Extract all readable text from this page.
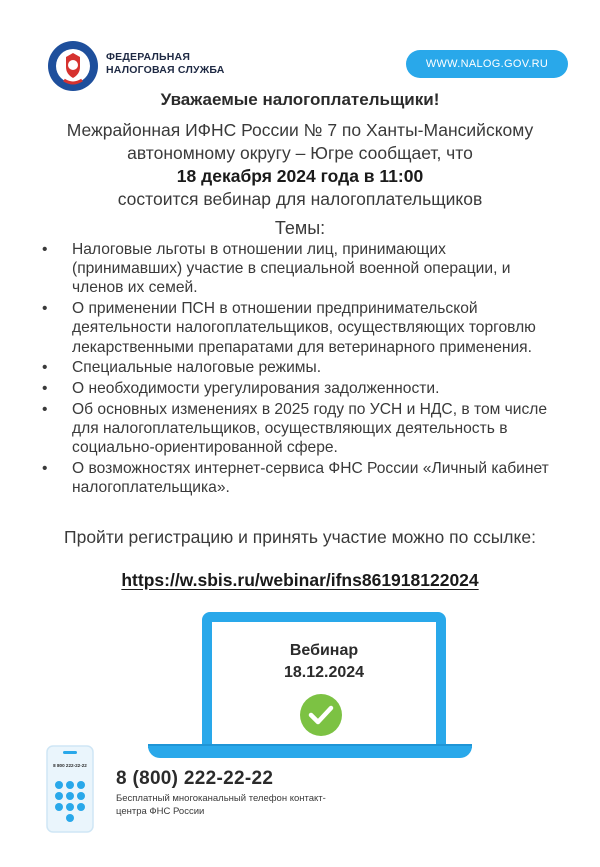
ФЕДЕРАЛЬНАЯ
НАЛОГОВАЯ СЛУЖБА	WWW.NALOG.GOV.RU
Уважаемые налогоплательщики!
Межрайонная ИФНС России № 7 по Ханты-Мансийскому
автономному округу – Югре сообщает, что
18 декабря 2024 года в 11:00
состоится вебинар для налогоплательщиков
Темы:
• Налоговые льготы в отношении лиц, принимающих (принимавших) участие в специальной военной операции, и членов их семей.
• О применении ПСН в отношении предпринимательской деятельности налогоплательщиков, осуществляющих торговлю лекарственными препаратами для ветеринарного применения.
• Специальные налоговые режимы.
• О необходимости урегулирования задолженности.
• Об основных изменениях в 2025 году по УСН и НДС, в том числе для налогоплательщиков, осуществляющих деятельность в социально-ориентированной сфере.
• О возможностях интернет-сервиса ФНС России «Личный кабинет налогоплательщика».
Пройти регистрацию и принять участие можно по ссылке:
https://w.sbis.ru/webinar/ifns861918122024
Вебинар
18.12.2024
8 800 222-22-22
8 (800) 222-22-22
Бесплатный многоканальный телефон контакт-центра ФНС России
